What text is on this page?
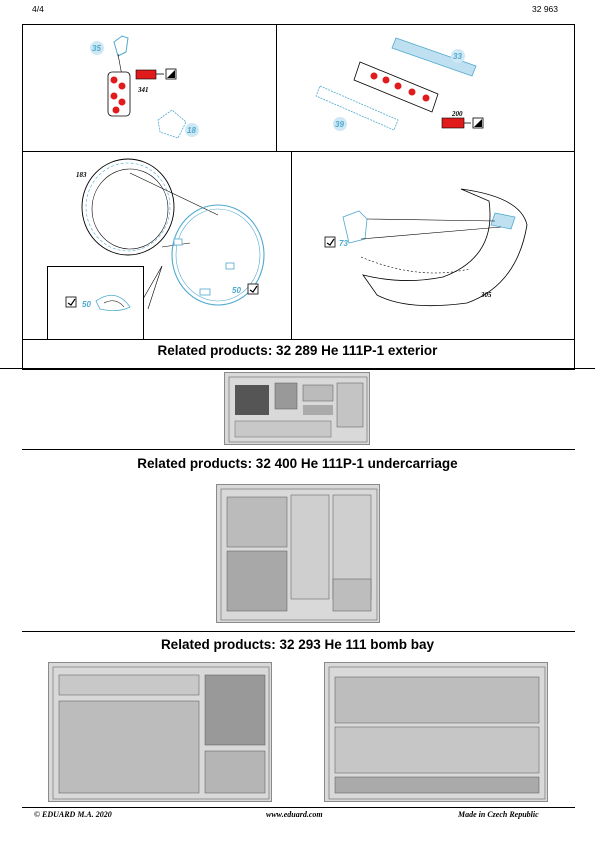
4/4	32 963
35
341
18
33
39
200
183
50
50
73
305
Related products: 32 289 He 111P-1 exterior
Related products: 32 400 He 111P-1 undercarriage
Related products: 32 293 He 111 bomb bay
© EDUARD M.A. 2020	www.eduard.com	Made in Czech Republic
